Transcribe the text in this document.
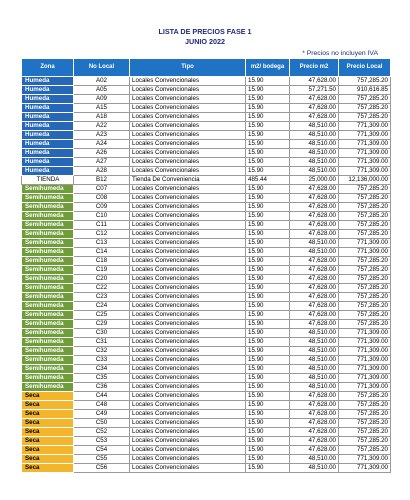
LISTA DE PRECIOS FASE 1
JUNIO 2022
* Precios no incluyen IVA
Zona	No Local	Tipo	m2/ bodega	Precio m2	Precio Local
Humeda	A02	Locales Convencionales	15.90	47,628.00	757,285.20
Humeda	A05	Locales Convencionales	15.90	57,271.50	910,616.85
Humeda	A09	Locales Convencionales	15.90	47,628.00	757,285.20
Humeda	A15	Locales Convencionales	15.90	47,628.00	757,285.20
Humeda	A18	Locales Convencionales	15.90	47,628.00	757,285.20
Humeda	A22	Locales Convencionales	15.90	48,510.00	771,309.00
Humeda	A23	Locales Convencionales	15.90	48,510.00	771,309.00
Humeda	A24	Locales Convencionales	15.90	48,510.00	771,309.00
Humeda	A26	Locales Convencionales	15.90	48,510.00	771,309.00
Humeda	A27	Locales Convencionales	15.90	48,510.00	771,309.00
Humeda	A28	Locales Convencionales	15.90	48,510.00	771,309.00
TIENDA	B12	Tienda De Conveniencia	485.44	25,000.00	12,136,000.00
Semihumeda	C07	Locales Convencionales	15.90	47,628.00	757,285.20
Semihumeda	C08	Locales Convencionales	15.90	47,628.00	757,285.20
Semihumeda	C09	Locales Convencionales	15.90	47,628.00	757,285.20
Semihumeda	C10	Locales Convencionales	15.90	47,628.00	757,285.20
Semihumeda	C11	Locales Convencionales	15.90	47,628.00	757,285.20
Semihumeda	C12	Locales Convencionales	15.90	47,628.00	757,285.20
Semihumeda	C13	Locales Convencionales	15.90	48,510.00	771,309.00
Semihumeda	C14	Locales Convencionales	15.90	48,510.00	771,309.00
Semihumeda	C18	Locales Convencionales	15.90	47,628.00	757,285.20
Semihumeda	C19	Locales Convencionales	15.90	47,628.00	757,285.20
Semihumeda	C20	Locales Convencionales	15.90	47,628.00	757,285.20
Semihumeda	C22	Locales Convencionales	15.90	47,628.00	757,285.20
Semihumeda	C23	Locales Convencionales	15.90	47,628.00	757,285.20
Semihumeda	C24	Locales Convencionales	15.90	47,628.00	757,285.20
Semihumeda	C25	Locales Convencionales	15.90	47,628.00	757,285.20
Semihumeda	C29	Locales Convencionales	15.90	47,628.00	757,285.20
Semihumeda	C30	Locales Convencionales	15.90	48,510.00	771,309.00
Semihumeda	C31	Locales Convencionales	15.90	48,510.00	771,309.00
Semihumeda	C32	Locales Convencionales	15.90	48,510.00	771,309.00
Semihumeda	C33	Locales Convencionales	15.90	48,510.00	771,309.00
Semihumeda	C34	Locales Convencionales	15.90	48,510.00	771,309.00
Semihumeda	C35	Locales Convencionales	15.90	48,510.00	771,309.00
Semihumeda	C36	Locales Convencionales	15.90	48,510.00	771,309.00
Seca	C44	Locales Convencionales	15.90	47,628.00	757,285.20
Seca	C48	Locales Convencionales	15.90	47,628.00	757,285.20
Seca	C49	Locales Convencionales	15.90	47,628.00	757,285.20
Seca	C50	Locales Convencionales	15.90	47,628.00	757,285.20
Seca	C52	Locales Convencionales	15.90	47,628.00	757,285.20
Seca	C53	Locales Convencionales	15.90	47,628.00	757,285.20
Seca	C54	Locales Convencionales	15.90	47,628.00	757,285.20
Seca	C55	Locales Convencionales	15.90	48,510.00	771,309.00
Seca	C56	Locales Convencionales	15.90	48,510.00	771,309.00
